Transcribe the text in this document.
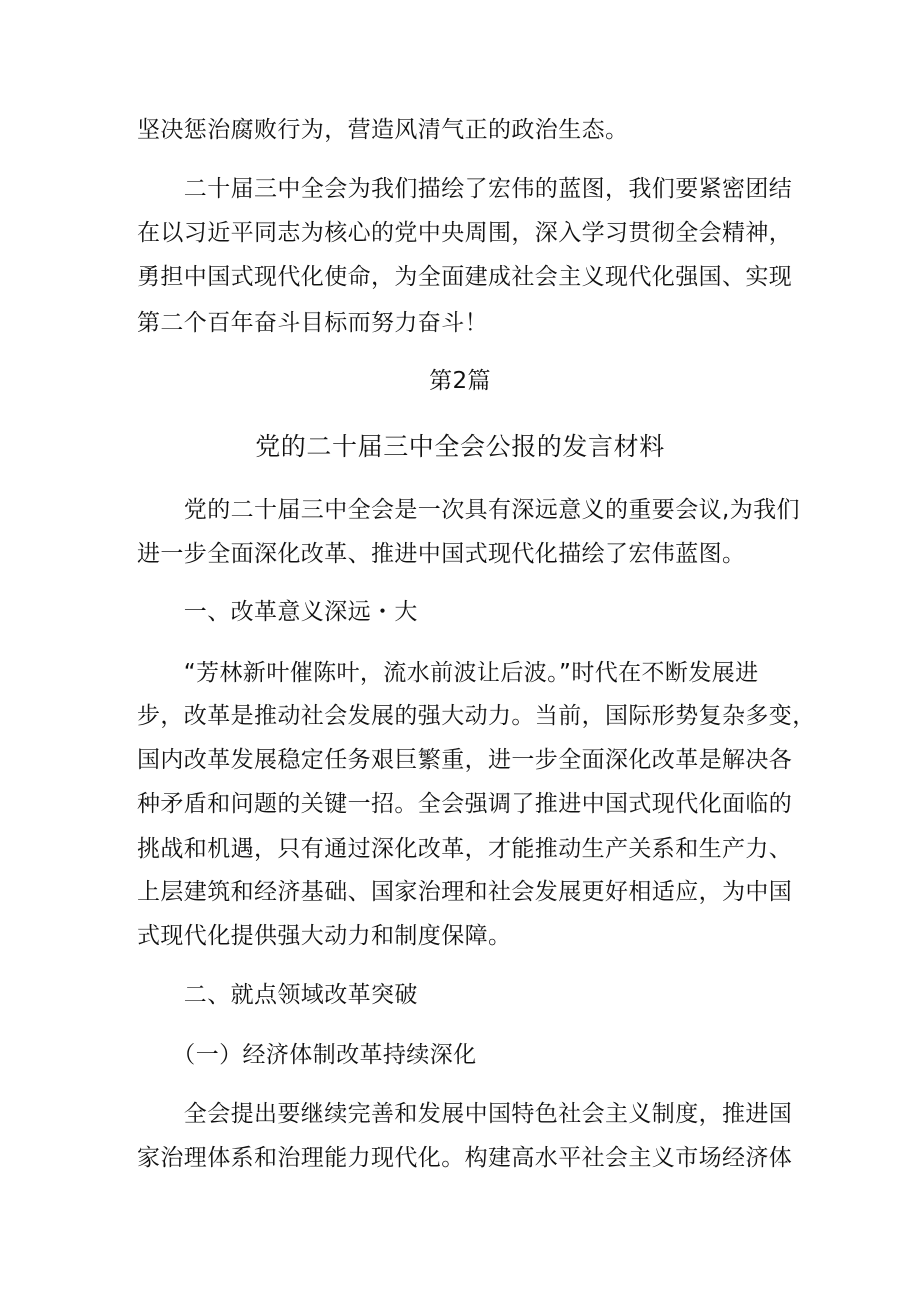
坚决惩治腐败行为，营造风清气正的政治生态。
　　二十届三中全会为我们描绘了宏伟的蓝图，我们要紧密团结
在以习近平同志为核心的党中央周围，深入学习贯彻全会精神，
勇担中国式现代化使命，为全面建成社会主义现代化强国、实现
第二个百年奋斗目标而努力奋斗！
第2篇
党的二十届三中全会公报的发言材料
　　党的二十届三中全会是一次具有深远意义的重要会议,为我们
进一步全面深化改革、推进中国式现代化描绘了宏伟蓝图。
　　一、改革意义深远・大
　　“芳林新叶催陈叶，流水前波让后波。”时代在不断发展进
步，改革是推动社会发展的强大动力。当前，国际形势复杂多变，
国内改革发展稳定任务艰巨繁重，进一步全面深化改革是解决各
种矛盾和问题的关键一招。全会强调了推进中国式现代化面临的
挑战和机遇，只有通过深化改革，才能推动生产关系和生产力、
上层建筑和经济基础、国家治理和社会发展更好相适应，为中国
式现代化提供强大动力和制度保障。
　　二、就点领域改革突破
　　（一）经济体制改革持续深化
　　全会提出要继续完善和发展中国特色社会主义制度，推进国
家治理体系和治理能力现代化。构建高水平社会主义市场经济体
